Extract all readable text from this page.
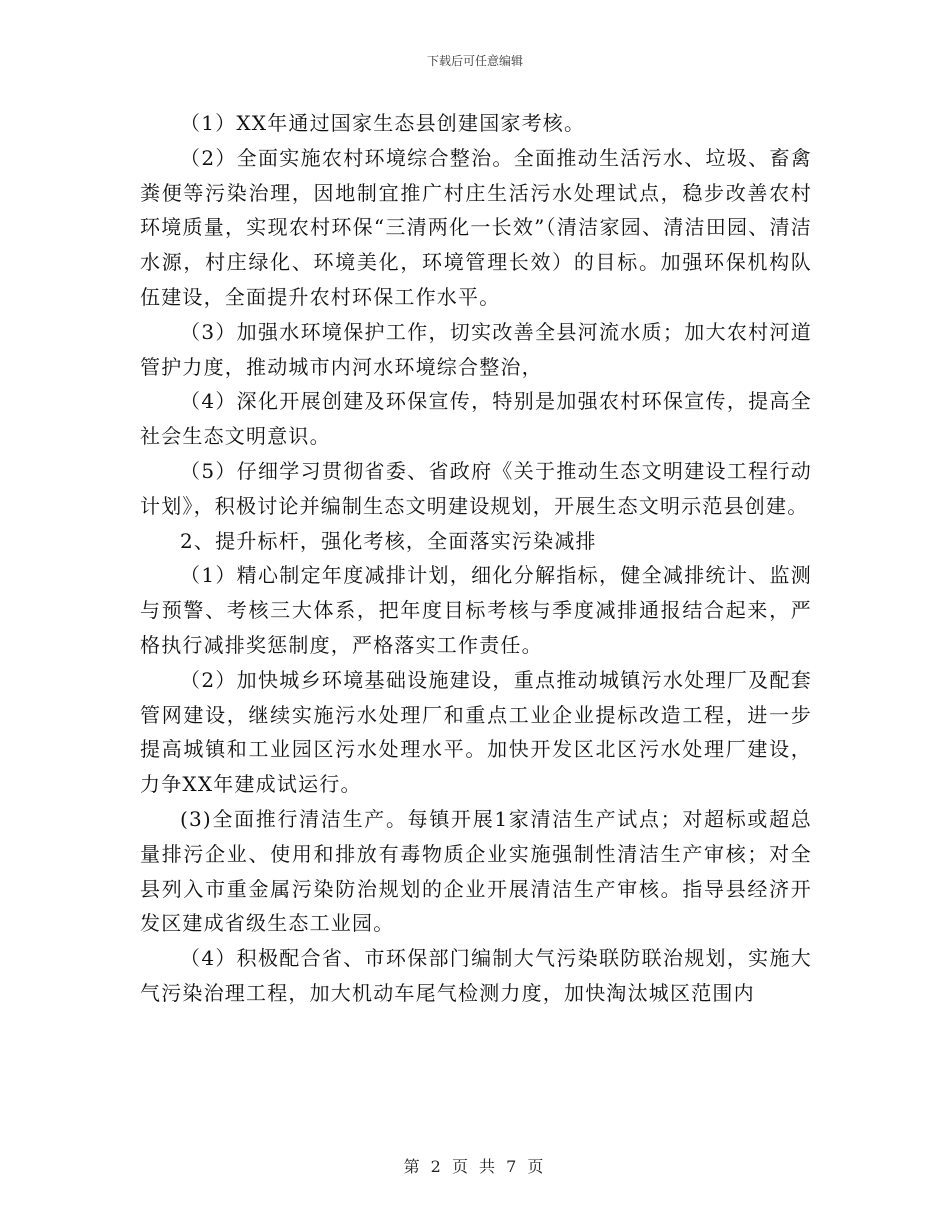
下载后可任意编辑

（1）XX年通过国家生态县创建国家考核。

（2）全面实施农村环境综合整治。全面推动生活污水、垃圾、畜禽粪便等污染治理，因地制宜推广村庄生活污水处理试点，稳步改善农村环境质量，实现农村环保“三清两化一长效”（清洁家园、清洁田园、清洁水源，村庄绿化、环境美化，环境管理长效）的目标。加强环保机构队伍建设，全面提升农村环保工作水平。

（3）加强水环境保护工作，切实改善全县河流水质；加大农村河道管护力度，推动城市内河水环境综合整治，

（4）深化开展创建及环保宣传，特别是加强农村环保宣传，提高全社会生态文明意识。

（5）仔细学习贯彻省委、省政府《关于推动生态文明建设工程行动计划》，积极讨论并编制生态文明建设规划，开展生态文明示范县创建。

2、提升标杆，强化考核，全面落实污染减排

（1）精心制定年度减排计划，细化分解指标，健全减排统计、监测与预警、考核三大体系，把年度目标考核与季度减排通报结合起来，严格执行减排奖惩制度，严格落实工作责任。

（2）加快城乡环境基础设施建设，重点推动城镇污水处理厂及配套管网建设，继续实施污水处理厂和重点工业企业提标改造工程，进一步提高城镇和工业园区污水处理水平。加快开发区北区污水处理厂建设，力争XX年建成试运行。

(3)全面推行清洁生产。每镇开展1家清洁生产试点；对超标或超总量排污企业、使用和排放有毒物质企业实施强制性清洁生产审核；对全县列入市重金属污染防治规划的企业开展清洁生产审核。指导县经济开发区建成省级生态工业园。

（4）积极配合省、市环保部门编制大气污染联防联治规划，实施大气污染治理工程，加大机动车尾气检测力度，加快淘汰城区范围内

第 2 页 共 7 页
